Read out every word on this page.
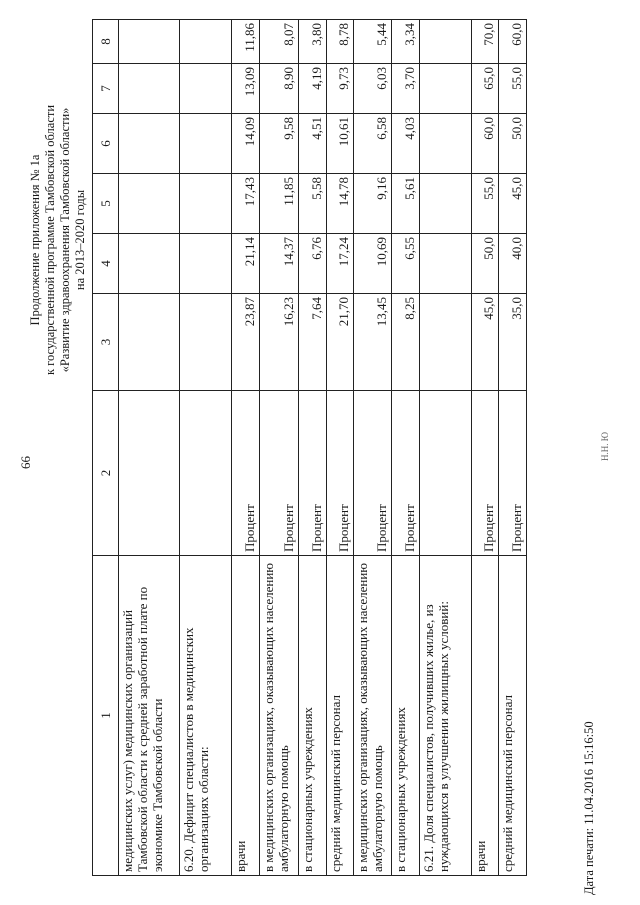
66
Продолжение приложения № 1а к государственной программе Тамбовской области «Развитие здравоохранения Тамбовской области» на 2013–2020 годы
1	2	3	4	5	6	7	8
медицинских услуг) медицинских организаций Тамбовской области к средней заработной плате по экономике Тамбовской области							
6.20. Дефицит специалистов в медицинских организациях области:							
врачи	Процент	23,87	21,14	17,43	14,09	13,09	11,86
в медицинских организациях, оказывающих населению амбулаторную помощь	Процент	16,23	14,37	11,85	9,58	8,90	8,07
в стационарных учреждениях	Процент	7,64	6,76	5,58	4,51	4,19	3,80
средний медицинский персонал	Процент	21,70	17,24	14,78	10,61	9,73	8,78
в медицинских организациях, оказывающих населению амбулаторную помощь	Процент	13,45	10,69	9,16	6,58	6,03	5,44
в стационарных учреждениях	Процент	8,25	6,55	5,61	4,03	3,70	3,34
6.21. Доля специалистов, получивших жилье, из нуждающихся в улучшении жилищных условий:							
врачи	Процент	45,0	50,0	55,0	60,0	65,0	70,0
средний медицинский персонал	Процент	35,0	40,0	45,0	50,0	55,0	60,0
Дата печати: 11.04.2016 15:16:50
Н.Н. Ю
